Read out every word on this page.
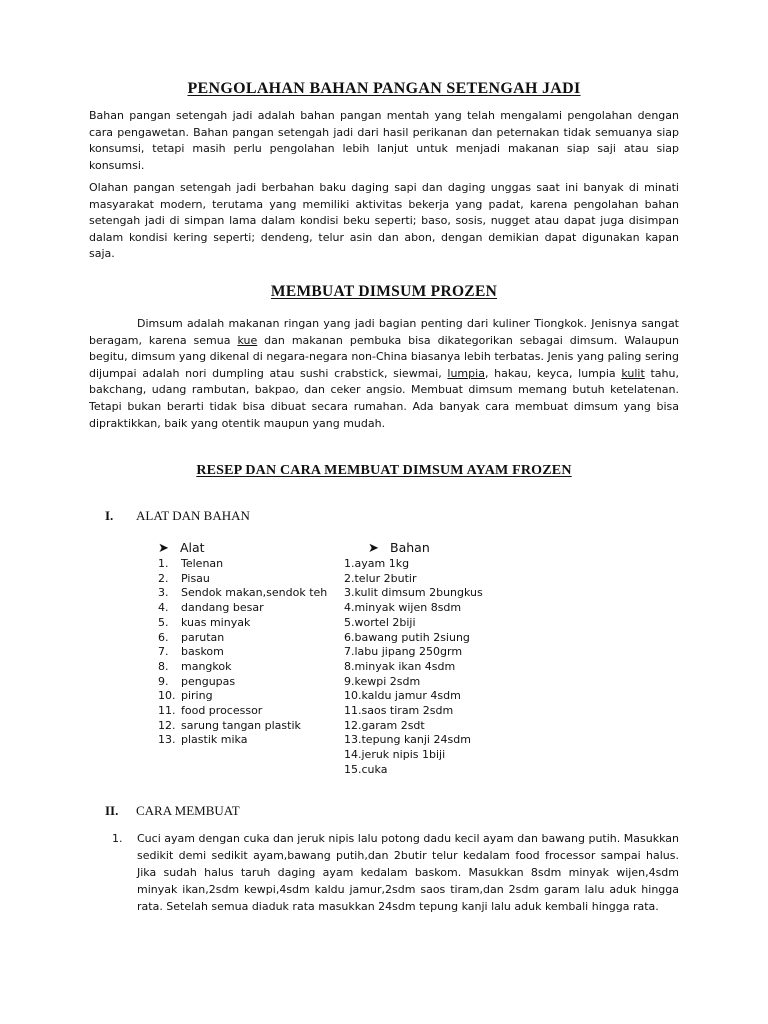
PENGOLAHAN BAHAN PANGAN SETENGAH JADI

Bahan pangan setengah jadi adalah bahan pangan mentah yang telah mengalami pengolahan dengan cara pengawetan. Bahan pangan setengah jadi dari hasil perikanan dan peternakan tidak semuanya siap konsumsi, tetapi masih perlu pengolahan lebih lanjut untuk menjadi makanan siap saji atau siap konsumsi.

Olahan pangan setengah jadi berbahan baku daging sapi dan daging unggas saat ini banyak di minati masyarakat modern, terutama yang memiliki aktivitas bekerja yang padat, karena pengolahan bahan setengah jadi di simpan lama dalam kondisi beku seperti; baso, sosis, nugget atau dapat juga disimpan dalam kondisi kering seperti; dendeng, telur asin dan abon, dengan demikian dapat digunakan kapan saja.

MEMBUAT DIMSUM PROZEN

Dimsum adalah makanan ringan yang jadi bagian penting dari kuliner Tiongkok. Jenisnya sangat beragam, karena semua kue dan makanan pembuka bisa dikategorikan sebagai dimsum. Walaupun begitu, dimsum yang dikenal di negara-negara non-China biasanya lebih terbatas. Jenis yang paling sering dijumpai adalah nori dumpling atau sushi crabstick, siewmai, lumpia, hakau, keyca, lumpia kulit tahu, bakchang, udang rambutan, bakpao, dan ceker angsio. Membuat dimsum memang butuh ketelatenan. Tetapi bukan berarti tidak bisa dibuat secara rumahan. Ada banyak cara membuat dimsum yang bisa dipraktikkan, baik yang otentik maupun yang mudah.

RESEP DAN CARA MEMBUAT DIMSUM AYAM FROZEN
I. ALAT DAN BAHAN
➤ Alat	➤ Bahan
1. Telenan
2. Pisau
3. Sendok makan,sendok teh
4. dandang besar
5. kuas minyak
6. parutan
7. baskom
8. mangkok
9. pengupas
10. piring
11. food processor
12. sarung tangan plastik
13. plastik mika
1.ayam 1kg
2.telur 2butir
3.kulit dimsum 2bungkus
4.minyak wijen 8sdm
5.wortel 2biji
6.bawang putih 2siung
7.labu jipang 250grm
8.minyak ikan 4sdm
9.kewpi 2sdm
10.kaldu jamur 4sdm
11.saos tiram 2sdm
12.garam 2sdt
13.tepung kanji 24sdm
14.jeruk nipis 1biji
15.cuka
II. CARA MEMBUAT
1. Cuci ayam dengan cuka dan jeruk nipis lalu potong dadu kecil ayam dan bawang putih. Masukkan sedikit demi sedikit ayam,bawang putih,dan 2butir telur kedalam food frocessor sampai halus. Jika sudah halus taruh daging ayam kedalam baskom. Masukkan 8sdm minyak wijen,4sdm minyak ikan,2sdm kewpi,4sdm kaldu jamur,2sdm saos tiram,dan 2sdm garam lalu aduk hingga rata. Setelah semua diaduk rata masukkan 24sdm tepung kanji lalu aduk kembali hingga rata.
